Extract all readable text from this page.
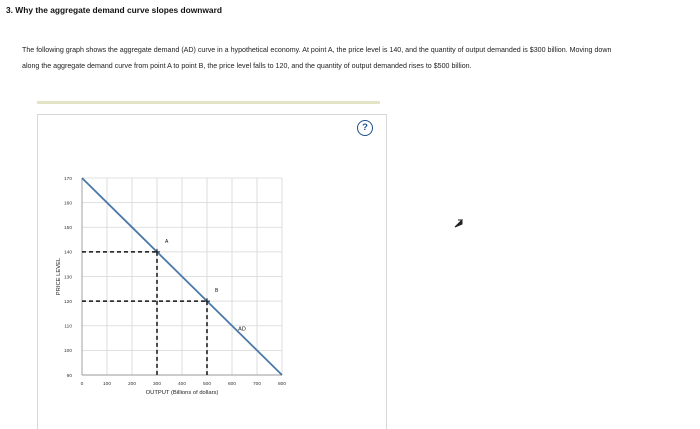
3. Why the aggregate demand curve slopes downward
The following graph shows the aggregate demand (AD) curve in a hypothetical economy. At point A, the price level is 140, and the quantity of output demanded is $300 billion. Moving down along the aggregate demand curve from point A to point B, the price level falls to 120, and the quantity of output demanded rises to $500 billion.
?
0	100	200	300	400	500	600	700	800
90
100
110
120
130
140
150
160
170
A
B
AD
OUTPUT (Billions of dollars)
PRICE LEVEL
